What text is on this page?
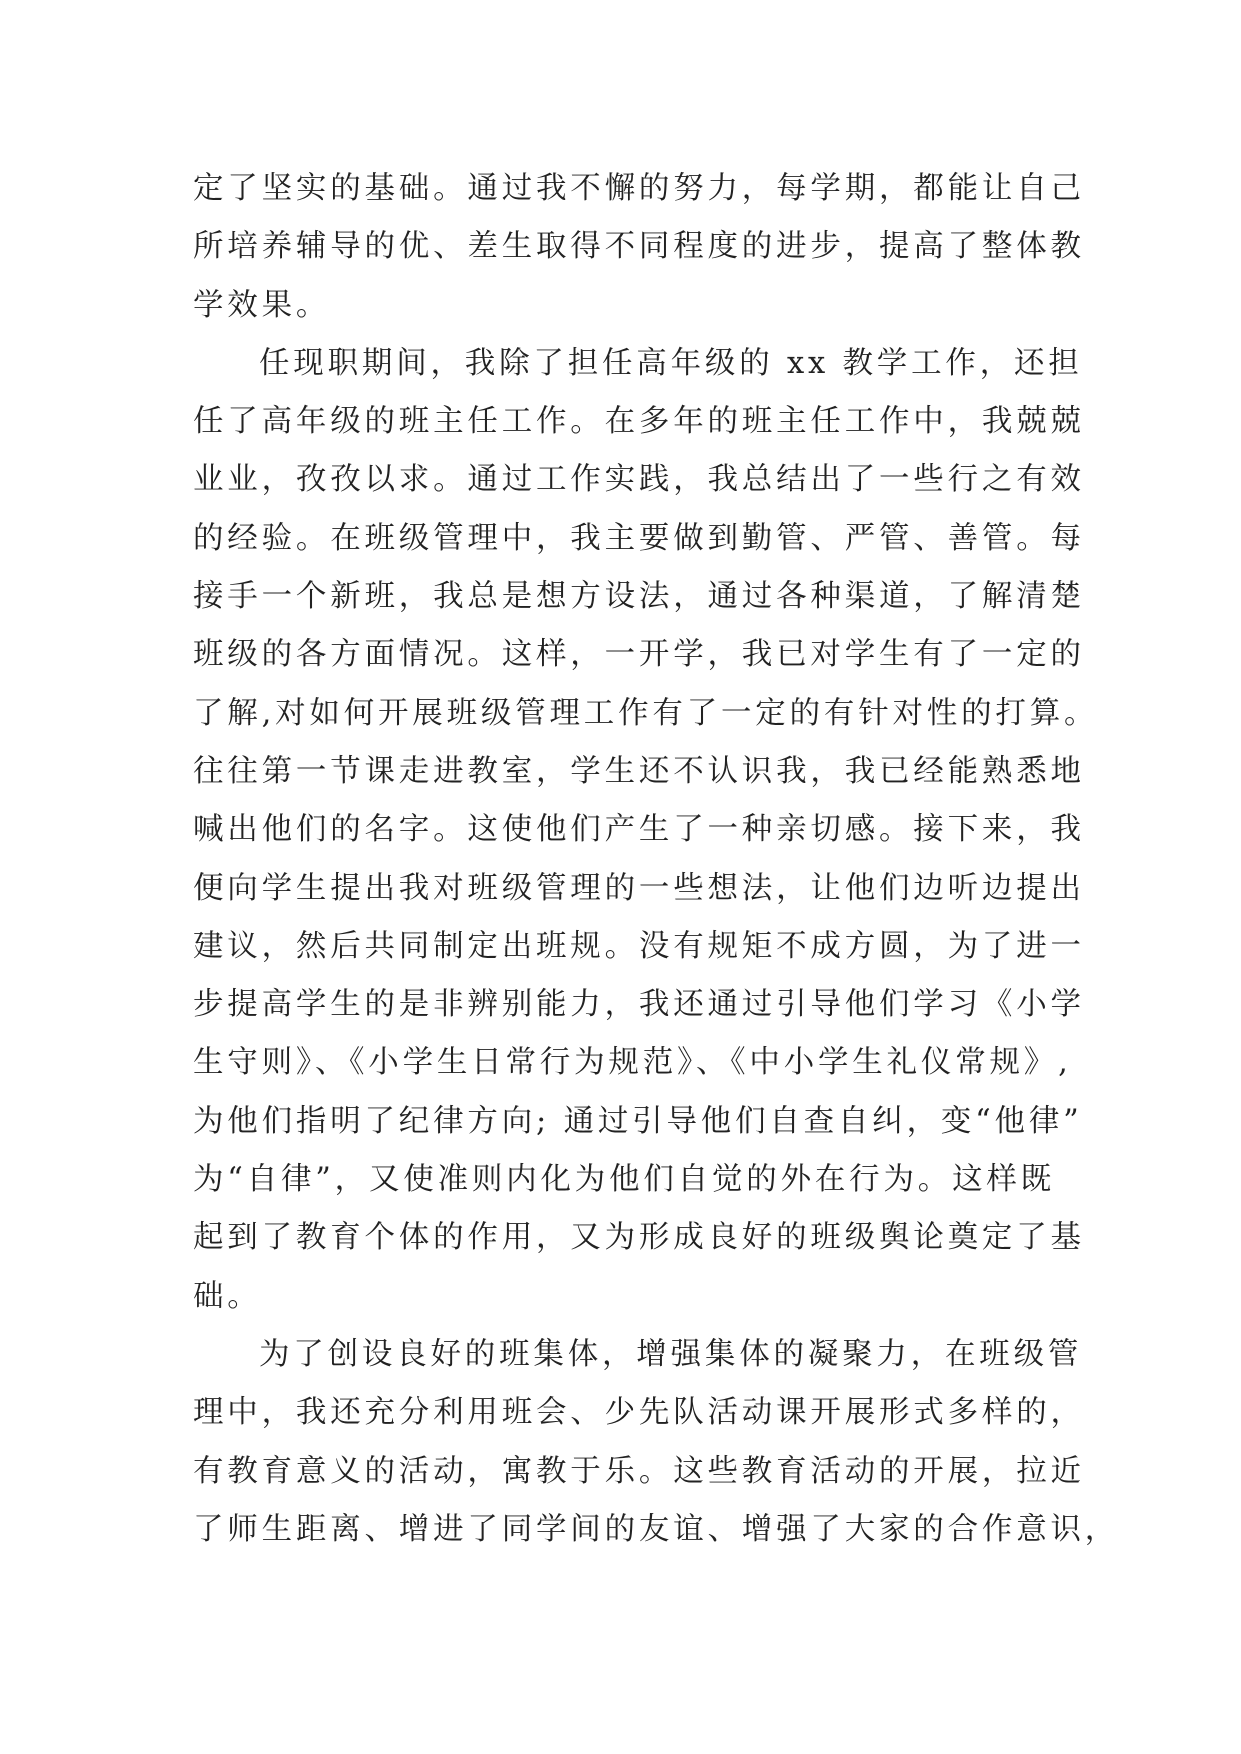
定了坚实的基础。通过我不懈的努力，每学期，都能让自己
所培养辅导的优、差生取得不同程度的进步，提高了整体教
学效果。
任现职期间，我除了担任高年级的 xx 教学工作，还担
任了高年级的班主任工作。在多年的班主任工作中，我兢兢
业业，孜孜以求。通过工作实践，我总结出了一些行之有效
的经验。在班级管理中，我主要做到勤管、严管、善管。每
接手一个新班，我总是想方设法，通过各种渠道，了解清楚
班级的各方面情况。这样，一开学，我已对学生有了一定的
了解,对如何开展班级管理工作有了一定的有针对性的打算。
往往第一节课走进教室，学生还不认识我，我已经能熟悉地
喊出他们的名字。这使他们产生了一种亲切感。接下来，我
便向学生提出我对班级管理的一些想法，让他们边听边提出
建议，然后共同制定出班规。没有规矩不成方圆，为了进一
步提高学生的是非辨别能力，我还通过引导他们学习《小学
生守则》、《小学生日常行为规范》、《中小学生礼仪常规》,
为他们指明了纪律方向; 通过引导他们自查自纠，变“他律”
为“自律”，又使准则内化为他们自觉的外在行为。这样既
起到了教育个体的作用，又为形成良好的班级舆论奠定了基
础。
为了创设良好的班集体，增强集体的凝聚力，在班级管
理中，我还充分利用班会、少先队活动课开展形式多样的，
有教育意义的活动，寓教于乐。这些教育活动的开展，拉近
了师生距离、增进了同学间的友谊、增强了大家的合作意识，
